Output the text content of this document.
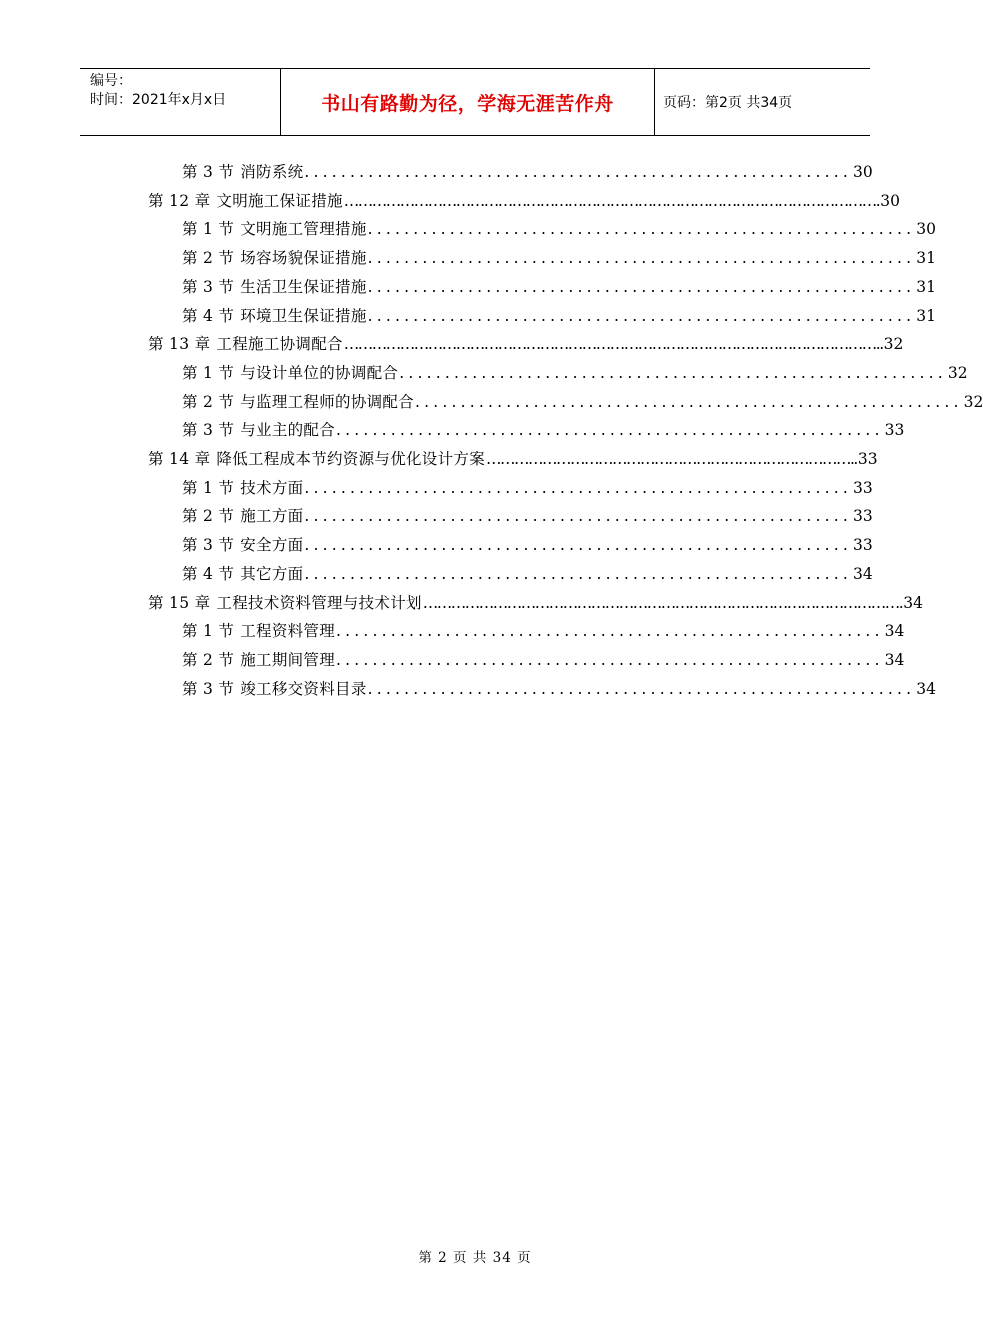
编号：
时间：2021年x月x日	书山有路勤为径，学海无涯苦作舟	页码：第2页 共34页
第 3 节 消防系统 ............................................................ 30
第 12 章 文明施工保证措施 ……………………………………………………………………………………………………. 30
第 1 节 文明施工管理措施 ............................................................ 30
第 2 节 场容场貌保证措施 ............................................................ 31
第 3 节 生活卫生保证措施 ............................................................ 31
第 4 节 环境卫生保证措施 ............................................................ 31
第 13 章 工程施工协调配合 …………………………………………………………………………………………………….. 32
第 1 节 与设计单位的协调配合 ............................................................ 32
第 2 节 与监理工程师的协调配合 ............................................................ 32
第 3 节 与业主的配合 ............................................................ 33
第 14 章 降低工程成本节约资源与优化设计方案 …………………………………………………………………….. 33
第 1 节 技术方面 ............................................................ 33
第 2 节 施工方面 ............................................................ 33
第 3 节 安全方面 ............................................................ 33
第 4 节 其它方面 ............................................................ 34
第 15 章 工程技术资料管理与技术计划 …………………………………………………………………………………………. 34
第 1 节 工程资料管理 ............................................................ 34
第 2 节 施工期间管理 ............................................................ 34
第 3 节 竣工移交资料目录 ............................................................ 34
第 2 页 共 34 页
